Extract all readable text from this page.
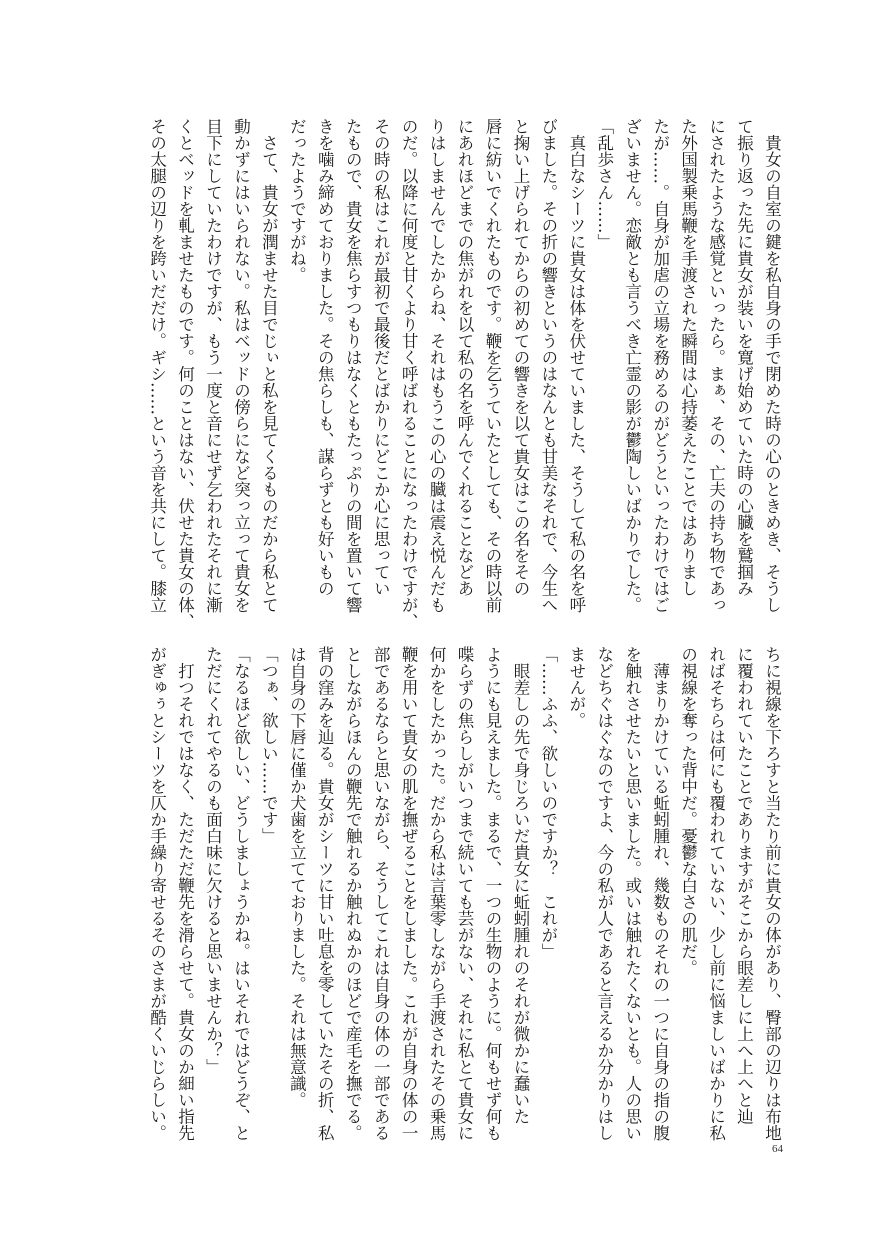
　貴女の自室の鍵を私自身の手で閉めた時の心のときめき、そうし
て振り返った先に貴女が装いを寛げ始めていた時の心臓を鷲掴み
にされたような感覚といったら。まぁ、その、亡夫の持ち物であっ
た外国製乗馬鞭を手渡された瞬間は心持萎えたことではありまし
たが……。自身が加虐の立場を務めるのがどうといったわけではご
ざいません。恋敵とも言うべき亡霊の影が鬱陶しいばかりでした。
「乱歩さん……」
　真白なシーツに貴女は体を伏せていました、そうして私の名を呼
びました。その折の響きというのはなんとも甘美なそれで、今生へ
と掬い上げられてからの初めての響きを以て貴女はこの名をその
唇に紡いでくれたものです。鞭を乞うていたとしても、その時以前
にあれほどまでの焦がれを以て私の名を呼んでくれることなどあ
りはしませんでしたからね、それはもうこの心の臓は震え悦んだも
のだ。以降に何度と甘くより甘く呼ばれることになったわけですが、
その時の私はこれが最初で最後だとばかりにどこか心に思ってい
たもので、貴女を焦らすつもりはなくともたっぷりの間を置いて響
きを噛み締めておりました。その焦らしも、謀らずとも好いもの
だったようですがね。
　さて、貴女が潤ませた目でじぃと私を見てくるものだから私とて
動かずにはいられない。私はベッドの傍らになど突っ立って貴女を
目下にしていたわけですが、もう一度と音にせず乞われたそれに漸
くとベッドを軋ませたものです。何のことはない、伏せた貴女の体、
その太腿の辺りを跨いだだけ。ギシ……という音を共にして。膝立
ちに視線を下ろすと当たり前に貴女の体があり、臀部の辺りは布地
に覆われていたことでありますがそこから眼差しに上へ上へと辿
ればそちらは何にも覆われていない、少し前に悩ましいばかりに私
の視線を奪った背中だ。憂鬱な白さの肌だ。
　薄まりかけている蚯蚓腫れ、幾数ものそれの一つに自身の指の腹
を触れさせたいと思いました。或いは触れたくないとも。人の思い
などちぐはぐなのですよ、今の私が人であると言えるか分かりはし
ませんが。
「……ふふ、欲しいのですか？　これが」
　眼差しの先で身じろいだ貴女に蚯蚓腫れのそれが微かに蠢いた
ようにも見えました。まるで、一つの生物のように。何もせず何も
喋らずの焦らしがいつまで続いても芸がない、それに私とて貴女に
何かをしたかった。だから私は言葉零しながら手渡されたその乗馬
鞭を用いて貴女の肌を撫ぜることをしました。これが自身の体の一
部であるならと思いながら、そうしてこれは自身の体の一部である
としながらほんの鞭先で触れるか触れぬかのほどで産毛を撫でる。
背の窪みを辿る。貴女がシーツに甘い吐息を零していたその折、私
は自身の下唇に僅か犬歯を立てておりました。それは無意識。
「つぁ、欲しい……です」
「なるほど欲しい、どうしましょうかね。はいそれではどうぞ、と
ただにくれてやるのも面白味に欠けると思いませんか？」
　打つそれではなく、ただただ鞭先を滑らせて。貴女のか細い指先
がぎゅぅとシーツを仄か手繰り寄せるそのさまが酷くいじらしい。
64
